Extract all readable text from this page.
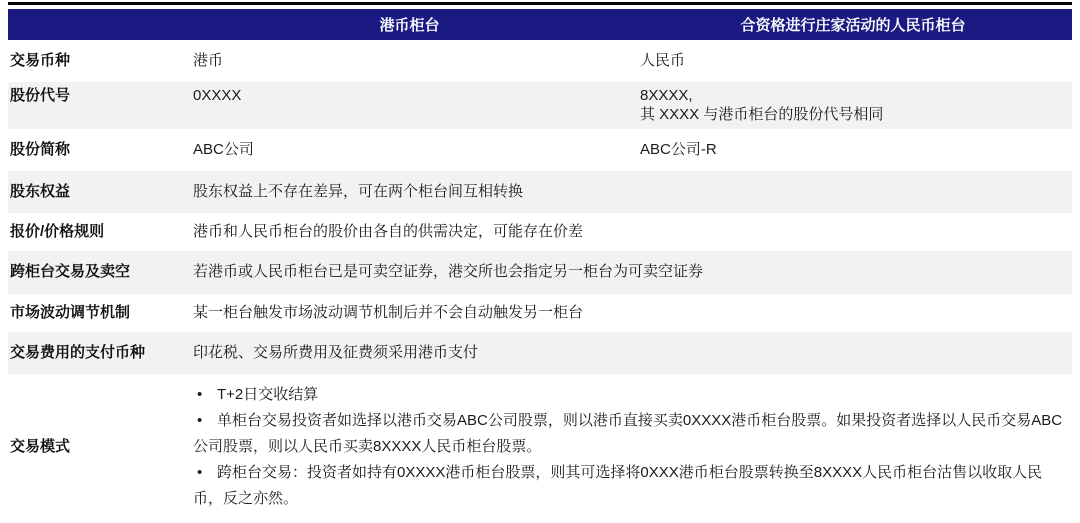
港币柜台	合资格进行庄家活动的人民币柜台
交易币种	港币	人民币
股份代号	0XXXX	8XXXX,
其 XXXX 与港币柜台的股份代号相同
股份简称	ABC公司	ABC公司-R
股东权益	股东权益上不存在差异，可在两个柜台间互相转换
报价/价格规则	港币和人民币柜台的股价由各自的供需决定，可能存在价差
跨柜台交易及卖空	若港币或人民币柜台已是可卖空证券，港交所也会指定另一柜台为可卖空证券
市场波动调节机制	某一柜台触发市场波动调节机制后并不会自动触发另一柜台
交易费用的支付币种	印花税、交易所费用及征费须采用港币支付
交易模式
• T+2日交收结算
• 单柜台交易投资者如选择以港币交易ABC公司股票，则以港币直接买卖0XXXX港币柜台股票。如果投资者选择以人民币交易ABC公司股票，则以人民币买卖8XXXX人民币柜台股票。
• 跨柜台交易：投资者如持有0XXXX港币柜台股票，则其可选择将0XXX港币柜台股票转换至8XXXX人民币柜台沽售以收取人民币，反之亦然。
